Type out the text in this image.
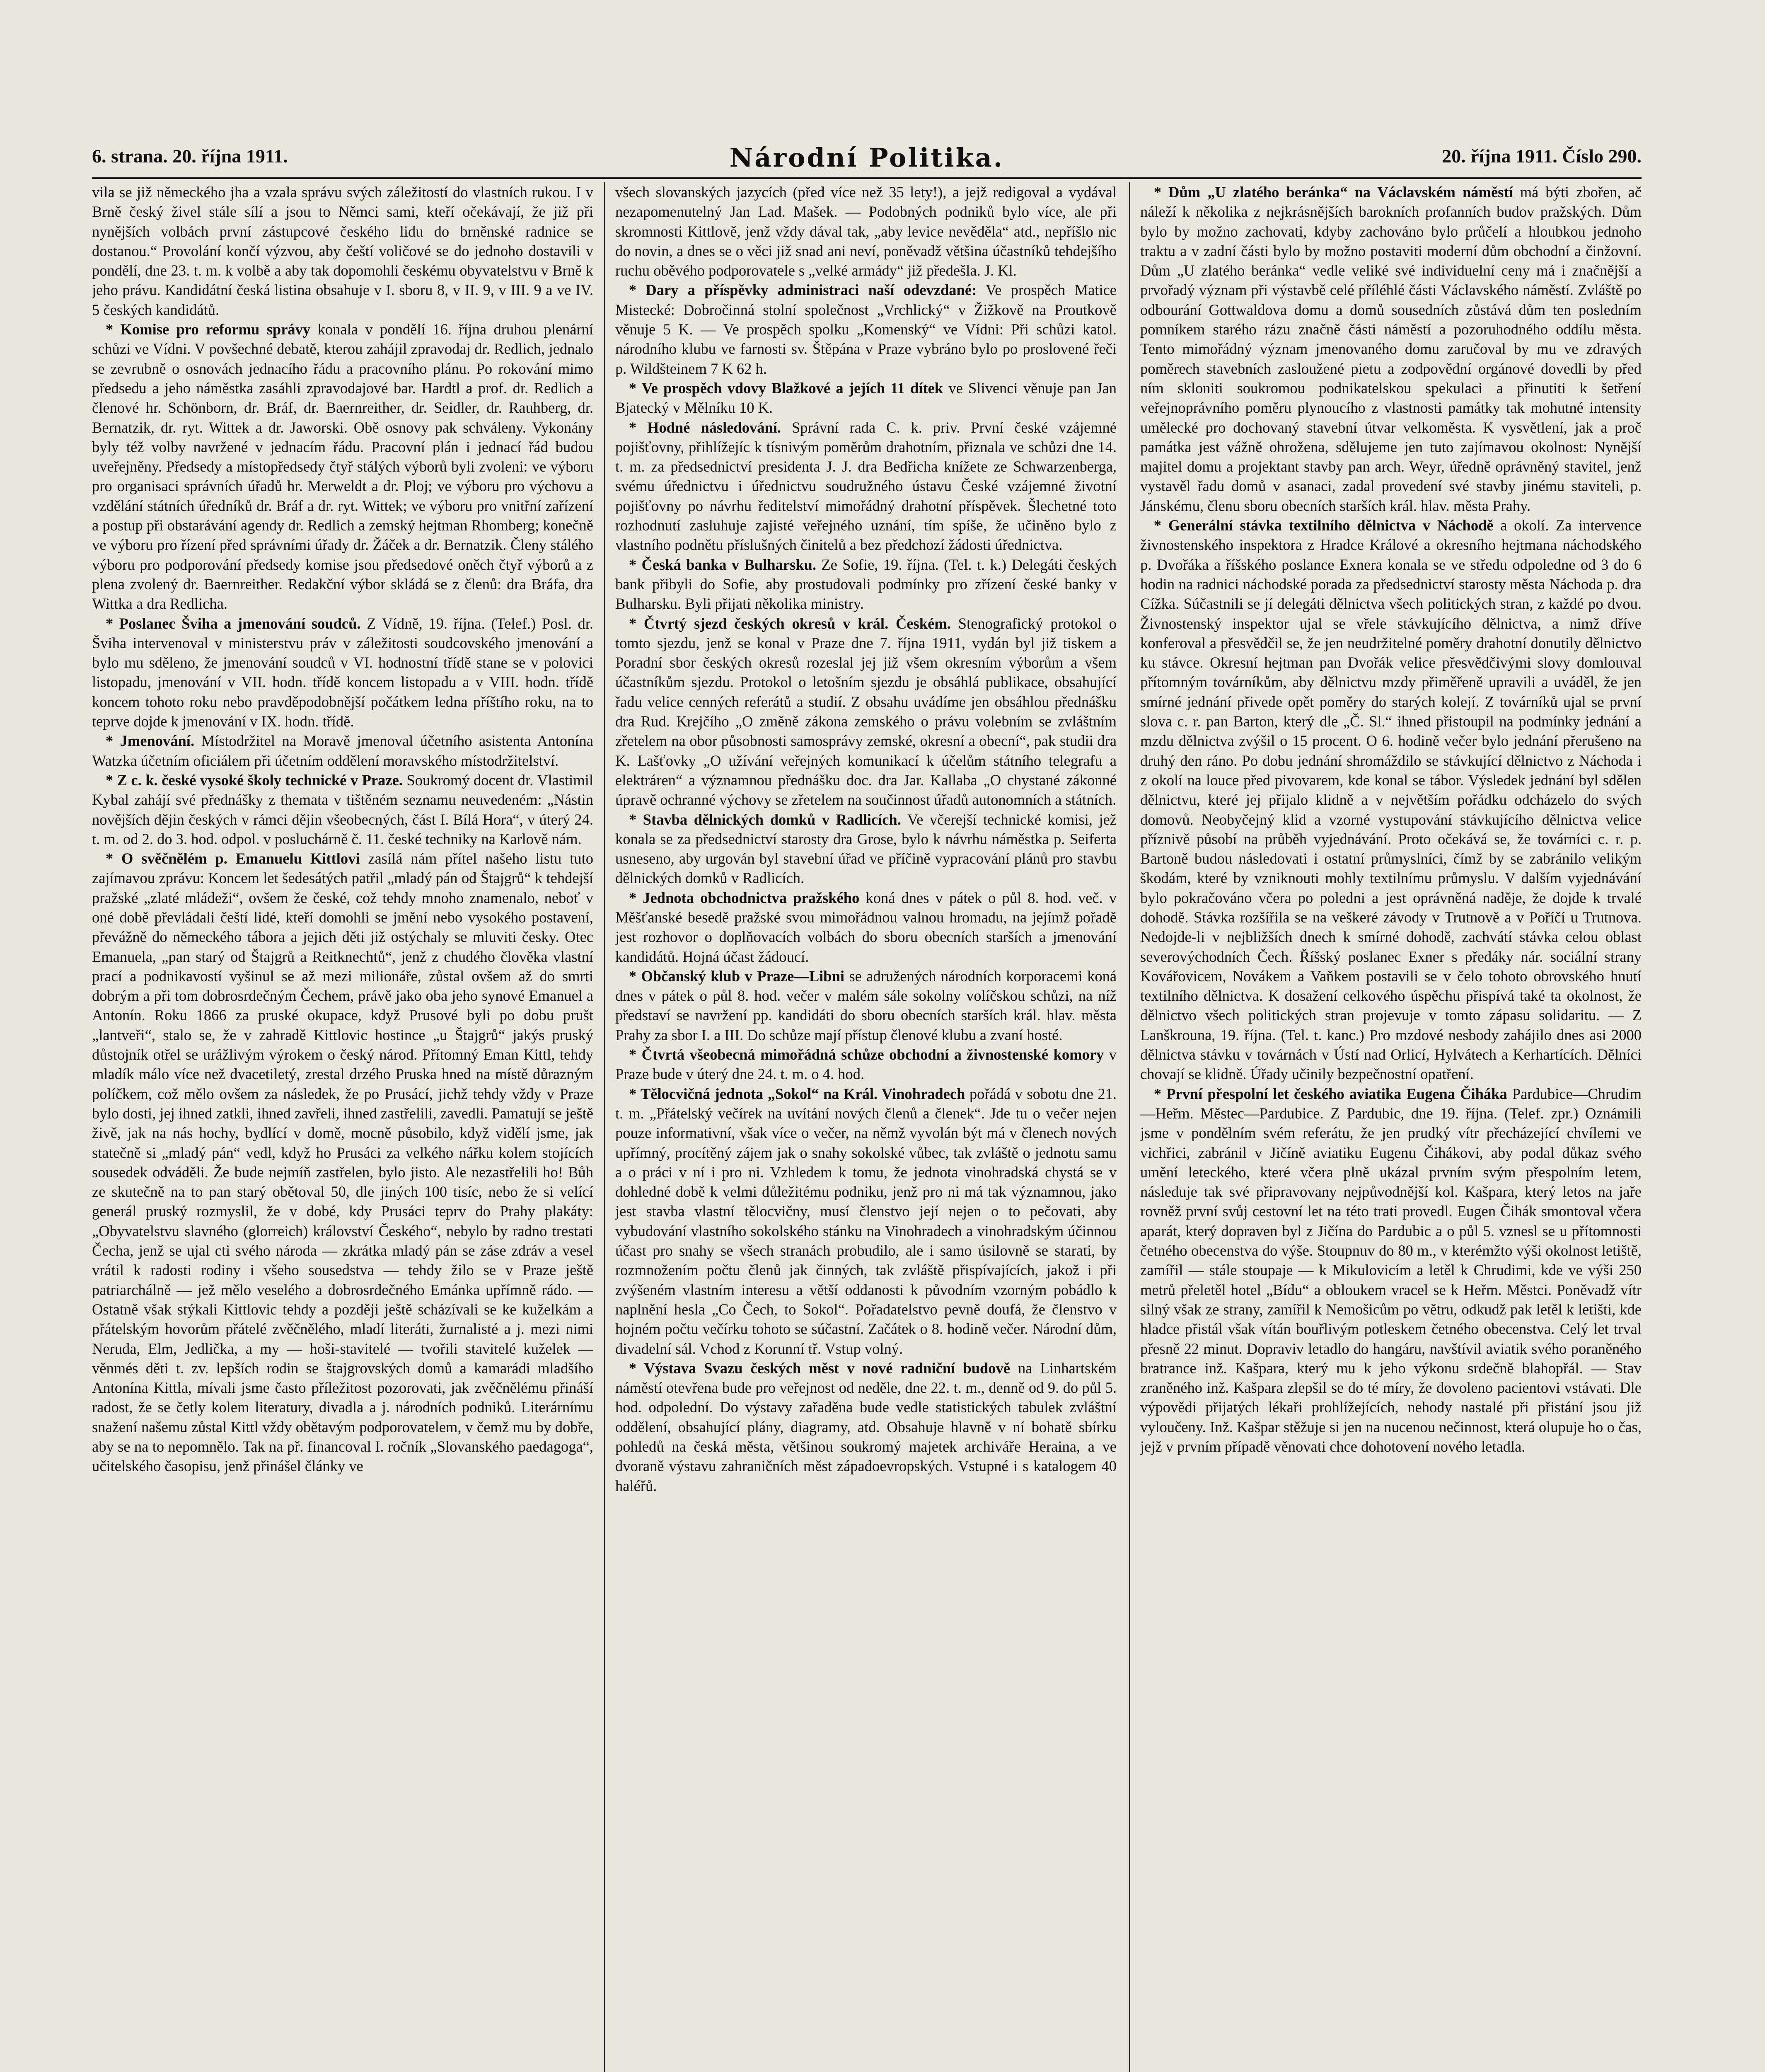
6. strana. 20. října 1911.	Národní Politika.	20. října 1911. Číslo 290.

vila se již německého jha a vzala správu svých záležitostí do vlastních rukou. I v Brně český živel stále sílí a jsou to Němci sami, kteří očekávají, že již při nynějších volbách první zástupcové českého lidu do brněnské radnice se dostanou.“ Provolání končí výzvou, aby čeští voličové se do jednoho dostavili v pondělí, dne 23. t. m. k volbě a aby tak dopomohli českému obyvatelstvu v Brně k jeho právu. Kandidátní česká listina obsahuje v I. sboru 8, v II. 9, v III. 9 a ve IV. 5 českých kandidátů.

* Komise pro reformu správy konala v pondělí 16. října druhou plenární schůzi ve Vídni. V povšechné debatě, kterou zahájil zpravodaj dr. Redlich, jednalo se zevrubně o osnovách jednacího řádu a pracovního plánu. Po rokování mimo předsedu a jeho náměstka zasáhli zpravodajové bar. Hardtl a prof. dr. Redlich a členové hr. Schönborn, dr. Bráf, dr. Baernreither, dr. Seidler, dr. Rauhberg, dr. Bernatzik, dr. ryt. Wittek a dr. Jaworski. Obě osnovy pak schváleny. Vykonány byly též volby navržené v jednacím řádu. Pracovní plán i jednací řád budou uveřejněny. Předsedy a místopředsedy čtyř stálých výborů byli zvoleni: ve výboru pro organisaci správních úřadů hr. Merweldt a dr. Ploj; ve výboru pro výchovu a vzdělání státních úředníků dr. Bráf a dr. ryt. Wittek; ve výboru pro vnitřní zařízení a postup při obstarávání agendy dr. Redlich a zemský hejtman Rhomberg; konečně ve výboru pro řízení před správními úřady dr. Žáček a dr. Bernatzik. Členy stálého výboru pro podporování předsedy komise jsou předsedové oněch čtyř výborů a z plena zvolený dr. Baernreither. Redakční výbor skládá se z členů: dra Bráfa, dra Wittka a dra Redlicha.

* Poslanec Šviha a jmenování soudců. Z Vídně, 19. října. (Telef.) Posl. dr. Šviha intervenoval v ministerstvu práv v záležitosti soudcovského jmenování a bylo mu sděleno, že jmenování soudců v VI. hodnostní třídě stane se v polovici listopadu, jmenování v VII. hodn. třídě koncem listopadu a v VIII. hodn. třídě koncem tohoto roku nebo pravděpodobnější počátkem ledna příštího roku, na to teprve dojde k jmenování v IX. hodn. třídě.

* Jmenování. Místodržitel na Moravě jmenoval účetního asistenta Antonína Watzka účetním oficiálem při účetním oddělení moravského místodržitelství.

* Z c. k. české vysoké školy technické v Praze. Soukromý docent dr. Vlastimil Kybal zahájí své přednášky z themata v tištěném seznamu neuvedeném: „Nástin novějších dějin českých v rámci dějin všeobecných, část I. Bílá Hora“, v úterý 24. t. m. od 2. do 3. hod. odpol. v posluchárně č. 11. české techniky na Karlově nám.

* O svěčnělém p. Emanuelu Kittlovi zasílá nám přítel našeho listu tuto zajímavou zprávu: Koncem let šedesátých patřil „mladý pán od Štajgrů“ k tehdejší pražské „zlaté mládeži“, ovšem že české, což tehdy mnoho znamenalo, neboť v oné době převládali čeští lidé, kteří domohli se jmění nebo vysokého postavení, převážně do německého tábora a jejich děti již ostýchaly se mluviti česky. Otec Emanuela, „pan starý od Štajgrů a Reitknechtů“, jenž z chudého člověka vlastní prací a podnikavostí vyšinul se až mezi milionáře, zůstal ovšem až do smrti dobrým a při tom dobrosrdečným Čechem, právě jako oba jeho synové Emanuel a Antonín. Roku 1866 za pruské okupace, když Prusové byli po dobu prušt „lantveři“, stalo se, že v zahradě Kittlovic hostince „u Štajgrů“ jakýs pruský důstojník otřel se urážlivým výrokem o český národ. Přítomný Eman Kittl, tehdy mladík málo více než dvacetiletý, zrestal drzého Pruska hned na místě důrazným políčkem, což mělo ovšem za následek, že po Prusácí, jichž tehdy vždy v Praze bylo dosti, jej ihned zatkli, ihned zavřeli, ihned zastřelili, zavedli. Pamatují se ještě živě, jak na nás hochy, bydlící v domě, mocně působilo, když vidělí jsme, jak statečně si „mladý pán“ vedl, když ho Prusáci za velkého nářku kolem stojících sousedek odváděli. Že bude nejmíň zastřelen, bylo jisto. Ale nezastřelili ho! Bůh ze skutečně na to pan starý obětoval 50, dle jiných 100 tisíc, nebo že si velící generál pruský rozmyslil, že v dobé, kdy Prusáci teprv do Prahy plakáty: „Obyvatelstvu slavného (glorreich) království Českého“, nebylo by radno trestati Čecha, jenž se ujal cti svého národa — zkrátka mladý pán se záse zdráv a vesel vrátil k radosti rodiny i všeho sousedstva — tehdy žilo se v Praze ještě patriarchálně — jež mělo veselého a dobrosrdečného Emánka upřímně rádo. — Ostatně však stýkali Kittlovic tehdy a později ještě scházívali se ke kuželkám a přátelským hovorům přátelé zvěčnělého, mladí literáti, žurnalisté a j. mezi nimi Neruda, Elm, Jedlička, a my — hoši-stavitelé — tvořili stavitelé kuželek — věnmés děti t. zv. lepších rodin se štajgrovských domů a kamarádi mladšího Antonína Kittla, mívali jsme často příležitost pozorovati, jak zvěčnělému přináší radost, že se četly kolem literatury, divadla a j. národních podniků. Literárnímu snažení našemu zůstal Kittl vždy obětavým podporovatelem, v čemž mu by dobře, aby se na to nepomnělo. Tak na př. financoval I. ročník „Slovanského paedagoga“, učitelského časopisu, jenž přinášel články ve

všech slovanských jazycích (před více než 35 lety!), a jejž redigoval a vydával nezapomenutelný Jan Lad. Mašek. — Podobných podniků bylo více, ale při skromnosti Kittlově, jenž vždy dával tak, „aby levice nevěděla“ atd., nepříšlo nic do novin, a dnes se o věci již snad ani neví, poněvadž většina účastníků tehdejšího ruchu oběvého podporovatele s „velké armády“ již předešla. J. Kl.

* Dary a příspěvky administraci naší odevzdané: Ve prospěch Matice Mistecké: Dobročinná stolní společnost „Vrchlický“ v Žižkově na Proutkově věnuje 5 K. — Ve prospěch spolku „Komenský“ ve Vídni: Při schůzi katol. národního klubu ve farnosti sv. Štěpána v Praze vybráno bylo po proslovené řeči p. Wildšteinem 7 K 62 h.

* Ve prospěch vdovy Blažkové a jejích 11 dítek ve Slivenci věnuje pan Jan Bjatecký v Mělníku 10 K.

* Hodné následování. Správní rada C. k. priv. První české vzájemné pojišťovny, přihlížejíc k tísnivým poměrům drahotním, přiznala ve schůzi dne 14. t. m. za předsednictví presidenta J. J. dra Bedřicha knížete ze Schwarzenberga, svému úřednictvu i úřednictvu soudružného ústavu České vzájemné životní pojišťovny po návrhu ředitelství mimořádný drahotní příspěvek. Šlechetné toto rozhodnutí zasluhuje zajisté veřejného uznání, tím spíše, že učiněno bylo z vlastního podnětu příslušných činitelů a bez předchozí žádosti úřednictva.

* Česká banka v Bulharsku. Ze Sofie, 19. října. (Tel. t. k.) Delegáti českých bank přibyli do Sofie, aby prostudovali podmínky pro zřízení české banky v Bulharsku. Byli přijati několika ministry.

* Čtvrtý sjezd českých okresů v král. Českém. Stenografický protokol o tomto sjezdu, jenž se konal v Praze dne 7. října 1911, vydán byl již tiskem a Poradní sbor českých okresů rozeslal jej již všem okresním výborům a všem účastníkům sjezdu. Protokol o letošním sjezdu je obsáhlá publikace, obsahující řadu velice cenných referátů a studií. Z obsahu uvádíme jen obsáhlou přednášku dra Rud. Krejčího „O změně zákona zemského o právu volebním se zvláštním zřetelem na obor působnosti samosprávy zemské, okresní a obecní“, pak studii dra K. Lašťovky „O užívání veřejných komunikací k účelům státního telegrafu a elektráren“ a významnou přednášku doc. dra Jar. Kallaba „O chystané zákonné úpravě ochranné výchovy se zřetelem na součinnost úřadů autonomních a státních.

* Stavba dělnických domků v Radlicích. Ve včerejší technické komisi, jež konala se za předsednictví starosty dra Grose, bylo k návrhu náměstka p. Seiferta usneseno, aby urgován byl stavební úřad ve příčině vypracování plánů pro stavbu dělnických domků v Radlicích.

* Jednota obchodnictva pražského koná dnes v pátek o půl 8. hod. več. v Měšťanské besedě pražské svou mimořádnou valnou hromadu, na jejímž pořadě jest rozhovor o doplňovacích volbách do sboru obecních starších a jmenování kandidátů. Hojná účast žádoucí.

* Občanský klub v Praze—Libni se adružených národních korporacemi koná dnes v pátek o půl 8. hod. večer v malém sále sokolny volíčskou schůzi, na níž představí se navržení pp. kandidáti do sboru obecních starších král. hlav. města Prahy za sbor I. a III. Do schůze mají přístup členové klubu a zvaní hosté.

* Čtvrtá všeobecná mimořádná schůze obchodní a živnostenské komory v Praze bude v úterý dne 24. t. m. o 4. hod.

* Tělocvičná jednota „Sokol“ na Král. Vinohradech pořádá v sobotu dne 21. t. m. „Přátelský večírek na uvítání nových členů a členek“. Jde tu o večer nejen pouze informativní, však více o večer, na němž vyvolán být má v členech nových upřímný, procítěný zájem jak o snahy sokolské vůbec, tak zvláště o jednotu samu a o práci v ní i pro ni. Vzhledem k tomu, že jednota vinohradská chystá se v dohledné době k velmi důležitému podniku, jenž pro ni má tak významnou, jako jest stavba vlastní tělocvičny, musí členstvo její nejen o to pečovati, aby vybudování vlastního sokolského stánku na Vinohradech a vinohradským účinnou účast pro snahy se všech stranách probudilo, ale i samo úsilovně se starati, by rozmnožením počtu členů jak činných, tak zvláště přispívajících, jakož i při zvýšeném vlastním interesu a větší oddanosti k původním vzorným pobádlo k naplnění hesla „Co Čech, to Sokol“. Pořadatelstvo pevně doufá, že členstvo v hojném počtu večírku tohoto se súčastní. Začátek o 8. hodině večer. Národní dům, divadelní sál. Vchod z Korunní tř. Vstup volný.

* Výstava Svazu českých měst v nové radniční budově na Linhartském náměstí otevřena bude pro veřejnost od neděle, dne 22. t. m., denně od 9. do půl 5. hod. odpolední. Do výstavy zařaděna bude vedle statistických tabulek zvláštní oddělení, obsahující plány, diagramy, atd. Obsahuje hlavně v ní bohatě sbírku pohledů na česká města, většinou soukromý majetek archiváře Heraina, a ve dvoraně výstavu zahraničních měst západoevropských. Vstupné i s katalogem 40 haléřů.

* Dům „U zlatého beránka“ na Václavském náměstí má býti zbořen, ač náleží k několika z nejkrásnějších barokních profanních budov pražských. Dům bylo by možno zachovati, kdyby zachováno bylo průčelí a hloubkou jednoho traktu a v zadní části bylo by možno postaviti moderní dům obchodní a činžovní. Dům „U zlatého beránka“ vedle veliké své individuelní ceny má i značnější a prvořadý význam při výstavbě celé příléhlé části Václavského náměstí. Zvláště po odbourání Gottwaldova domu a domů sousedních zůstává dům ten posledním pomníkem starého rázu značně části náměstí a pozoruhodného oddílu města. Tento mimořádný význam jmenovaného domu zaručoval by mu ve zdravých poměrech stavebních zasloužené pietu a zodpovědní orgánové dovedli by před ním skloniti soukromou podnikatelskou spekulaci a přinutiti k šetření veřejnoprávního poměru plynoucího z vlastnosti památky tak mohutné intensity umělecké pro dochovaný stavební útvar velkoměsta. K vysvětlení, jak a proč památka jest vážně ohrožena, sdělujeme jen tuto zajímavou okolnost: Nynější majitel domu a projektant stavby pan arch. Weyr, úředně oprávněný stavitel, jenž vystavěl řadu domů v asanaci, zadal provedení své stavby jinému staviteli, p. Jánskému, členu sboru obecních starších král. hlav. města Prahy.

* Generální stávka textilního dělnictva v Náchodě a okolí. Za intervence živnostenského inspektora z Hradce Králové a okresního hejtmana náchodského p. Dvořáka a říšského poslance Exnera konala se ve středu odpoledne od 3 do 6 hodin na radnici náchodské porada za předsednictví starosty města Náchoda p. dra Cížka. Súčastnili se jí delegáti dělnictva všech politických stran, z každé po dvou. Živnostenský inspektor ujal se vřele stávkujícího dělnictva, a nimž dříve konferoval a přesvědčil se, že jen neudržitelné poměry drahotní donutily dělnictvo ku stávce. Okresní hejtman pan Dvořák velice přesvědčivými slovy domlouval přítomným továrníkům, aby dělnictvu mzdy přiměřeně upravili a uváděl, že jen smírné jednání přivede opět poměry do starých kolejí. Z továrníků ujal se první slova c. r. pan Barton, který dle „Č. Sl.“ ihned přistoupil na podmínky jednání a mzdu dělnictva zvýšil o 15 procent. O 6. hodině večer bylo jednání přerušeno na druhý den ráno. Po dobu jednání shromáždilo se stávkující dělnictvo z Náchoda i z okolí na louce před pivovarem, kde konal se tábor. Výsledek jednání byl sdělen dělnictvu, které jej přijalo klidně a v největším pořádku odcházelo do svých domovů. Neobyčejný klid a vzorné vystupování stávkujícího dělnictva velice příznivě působí na průběh vyjednávání. Proto očekává se, že továrníci c. r. p. Bartoně budou následovati i ostatní průmyslníci, čímž by se zabránilo velikým škodám, které by vzniknouti mohly textilnímu průmyslu. V dalším vyjednávání bylo pokračováno včera po poledni a jest oprávněná naděje, že dojde k trvalé dohodě. Stávka rozšířila se na veškeré závody v Trutnově a v Poříčí u Trutnova. Nedojde-li v nejbližších dnech k smírné dohodě, zachvátí stávka celou oblast severovýchodních Čech. Říšský poslanec Exner s předáky nár. sociální strany Kovářovicem, Novákem a Vaňkem postavili se v čelo tohoto obrovského hnutí textilního dělnictva. K dosažení celkového úspěchu přispívá také ta okolnost, že dělnictvo všech politických stran projevuje v tomto zápasu solidaritu. — Z Lanškrouna, 19. října. (Tel. t. kanc.) Pro mzdové nesbody zahájilo dnes asi 2000 dělnictva stávku v továrnách v Ústí nad Orlicí, Hylvátech a Kerhartících. Dělníci chovají se klidně. Úřady učinily bezpečnostní opatření.

* První přespolní let českého aviatika Eugena Čiháka Pardubice—Chrudim—Heřm. Městec—Pardubice. Z Pardubic, dne 19. října. (Telef. zpr.) Oznámili jsme v pondělním svém referátu, že jen prudký vítr přecházející chvílemi ve vichřici, zabránil v Jičíně aviatiku Eugenu Čihákovi, aby podal důkaz svého umění leteckého, které včera plně ukázal prvním svým přespolním letem, následuje tak své připravovany nejpůvodnější kol. Kašpara, který letos na jaře rovněž první svůj cestovní let na této trati provedl. Eugen Čihák smontoval včera aparát, který dopraven byl z Jičína do Pardubic a o půl 5. vznesl se u přítomnosti četného obecenstva do výše. Stoupnuv do 80 m., v kterémžto výši okolnost letiště, zamířil — stále stoupaje — k Mikulovicím a letěl k Chrudimi, kde ve výši 250 metrů přeletěl hotel „Bídu“ a obloukem vracel se k Heřm. Městci. Poněvadž vítr silný však ze strany, zamířil k Nemošicům po větru, odkudž pak letěl k letišti, kde hladce přistál však vítán bouřlivým potleskem četného obecenstva. Celý let trval přesně 22 minut. Dopraviv letadlo do hangáru, navštívil aviatik svého poraněného bratrance inž. Kašpara, který mu k jeho výkonu srdečně blahopřál. — Stav zraněného inž. Kašpara zlepšil se do té míry, že dovoleno pacientovi vstávati. Dle výpovědi přijatých lékaři prohlížejících, nehody nastalé při přistání jsou již vyloučeny. Inž. Kašpar stěžuje si jen na nucenou nečinnost, která olupuje ho o čas, jejž v prvním případě věnovati chce dohotovení nového letadla.
